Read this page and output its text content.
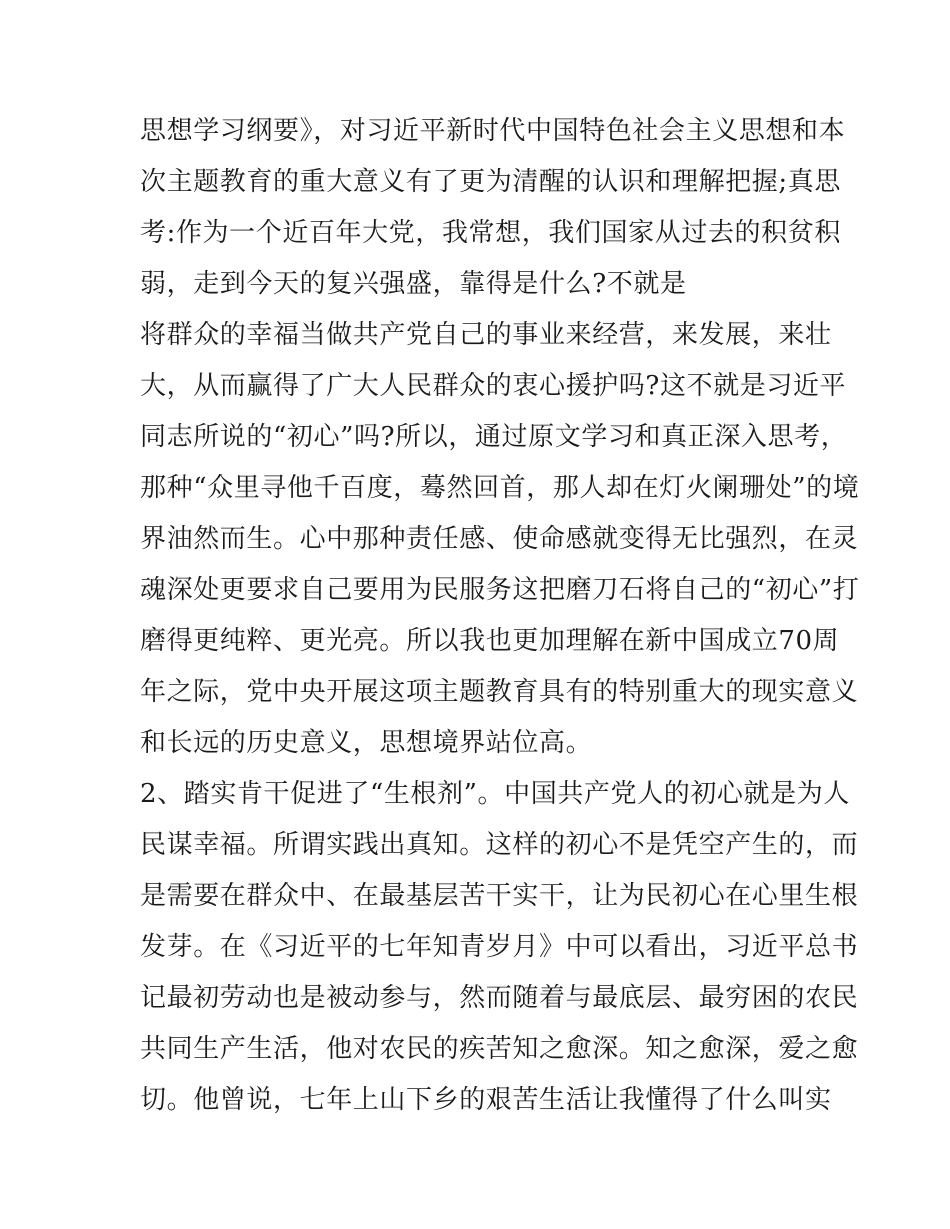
思想学习纲要》，对习近平新时代中国特色社会主义思想和本
次主题教育的重大意义有了更为清醒的认识和理解把握;真思
考:作为一个近百年大党，我常想，我们国家从过去的积贫积
弱，走到今天的复兴强盛，靠得是什么?不就是
将群众的幸福当做共产党自己的事业来经营，来发展，来壮
大，从而赢得了广大人民群众的衷心援护吗?这不就是习近平
同志所说的“初心”吗?所以，通过原文学习和真正深入思考，
那种“众里寻他千百度，蓦然回首，那人却在灯火阑珊处”的境
界油然而生。心中那种责任感、使命感就变得无比强烈，在灵
魂深处更要求自己要用为民服务这把磨刀石将自己的“初心”打
磨得更纯粹、更光亮。所以我也更加理解在新中国成立70周
年之际，党中央开展这项主题教育具有的特别重大的现实意义
和长远的历史意义，思想境界站位高。
2、踏实肯干促进了“生根剂”。中国共产党人的初心就是为人
民谋幸福。所谓实践出真知。这样的初心不是凭空产生的，而
是需要在群众中、在最基层苦干实干，让为民初心在心里生根
发芽。在《习近平的七年知青岁月》中可以看出，习近平总书
记最初劳动也是被动参与，然而随着与最底层、最穷困的农民
共同生产生活，他对农民的疾苦知之愈深。知之愈深，爱之愈
切。他曾说，七年上山下乡的艰苦生活让我懂得了什么叫实
